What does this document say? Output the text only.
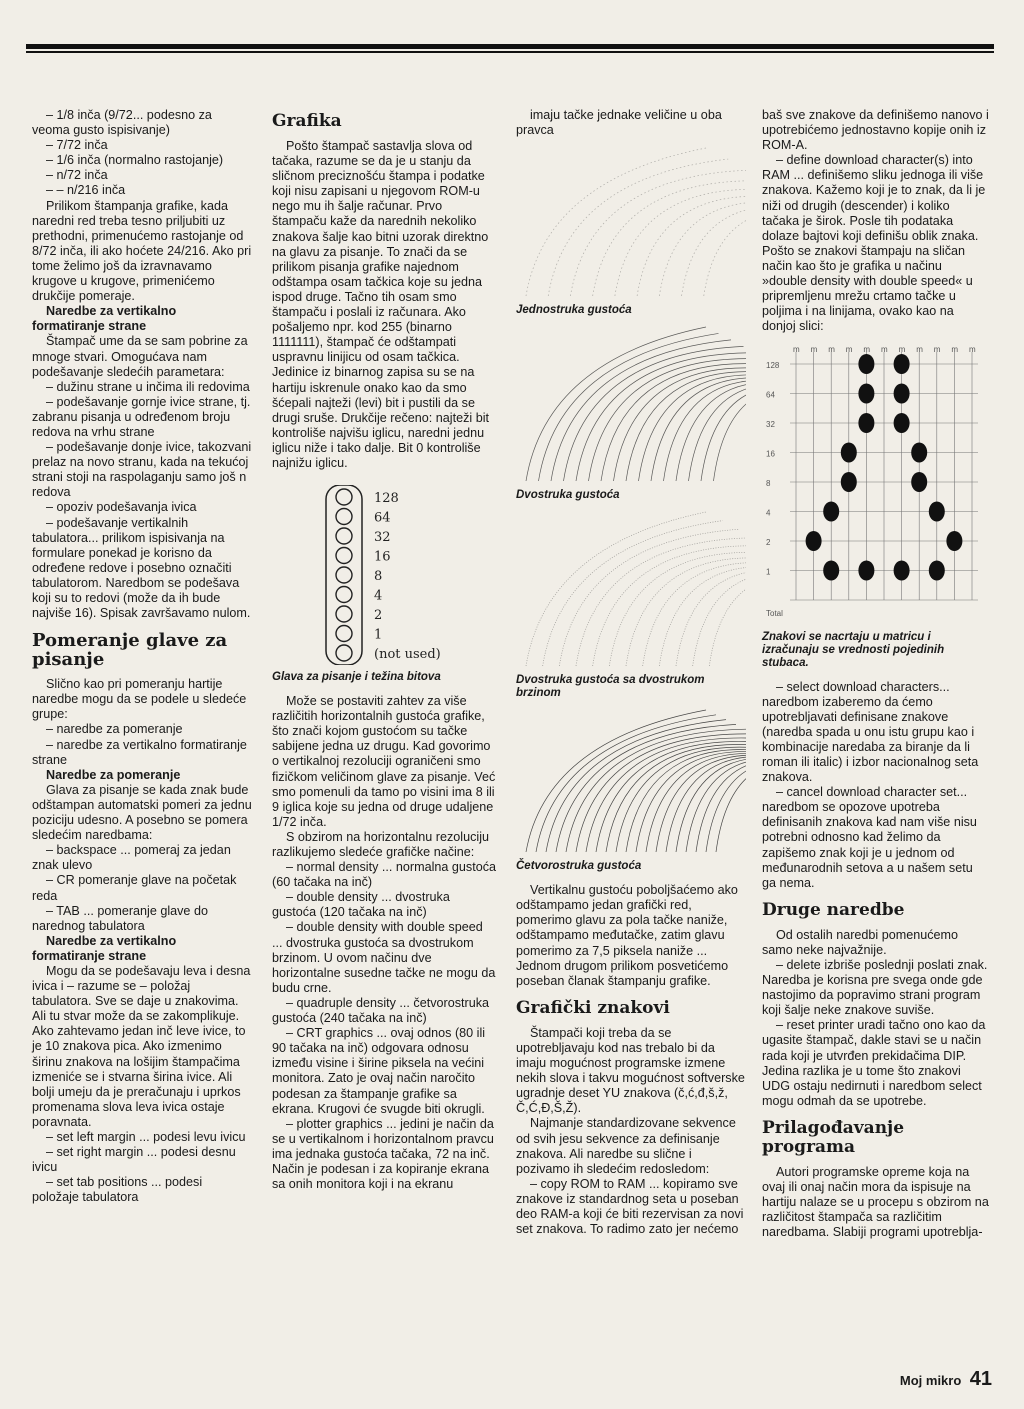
– 1/8 inča (9/72... podesno za veoma gusto ispisivanje)

– 7/72 inča

– 1/6 inča (normalno rastojanje)

– n/72 inča

– – n/216 inča

Prilikom štampanja grafike, kada naredni red treba tesno priljubiti uz prethodni, primenućemo rastojanje od 8/72 inča, ili ako hoćete 24/216. Ako pri tome želimo još da izravnavamo krugove u krugove, primenićemo drukčije pomeraje.

Naredbe za vertikalno formatiranje strane

Štampač ume da se sam pobrine za mnoge stvari. Omogućava nam podešavanje sledećih parametara:

– dužinu strane u inčima ili redovima

– podešavanje gornje ivice strane, tj. zabranu pisanja u određenom broju redova na vrhu strane

– podešavanje donje ivice, takozvani prelaz na novo stranu, kada na tekućoj strani stoji na raspolaganju samo još n redova

– opoziv podešavanja ivica

– podešavanje vertikalnih tabulatora... prilikom ispisivanja na formulare ponekad je korisno da određene redove i posebno označiti tabulatorom. Naredbom se podešava koji su to redovi (može da ih bude najviše 16). Spisak završavamo nulom.

Pomeranje glave za pisanje

Slično kao pri pomeranju hartije naredbe mogu da se podele u sledeće grupe:

– naredbe za pomeranje

– naredbe za vertikalno formatiranje strane

Naredbe za pomeranje

Glava za pisanje se kada znak bude odštampan automatski pomeri za jednu poziciju udesno. A posebno se pomera sledećim naredbama:

– backspace ... pomeraj za jedan znak ulevo

– CR pomeranje glave na početak reda

– TAB ... pomeranje glave do narednog tabulatora

Naredbe za vertikalno formatiranje strane

Mogu da se podešavaju leva i desna ivica i – razume se – položaj tabulatora. Sve se daje u znakovima. Ali tu stvar može da se zakomplikuje. Ako zahtevamo jedan inč leve ivice, to je 10 znakova pica. Ako izmenimo širinu znakova na lošijim štampačima izmeniće se i stvarna širina ivice. Ali bolji umeju da je preračunaju i uprkos promenama slova leva ivica ostaje poravnata.

– set left margin ... podesi levu ivicu

– set right margin ... podesi desnu ivicu

– set tab positions ... podesi položaje tabulatora

Grafika

Pošto štampač sastavlja slova od tačaka, razume se da je u stanju da sličnom preciznošću štampa i podatke koji nisu zapisani u njegovom ROM-u nego mu ih šalje računar. Prvo štampaču kaže da narednih nekoliko znakova šalje kao bitni uzorak direktno na glavu za pisanje. To znači da se prilikom pisanja grafike najednom odštampa osam tačkica koje su jedna ispod druge. Tačno tih osam smo štampaču i poslali iz računara. Ako pošaljemo npr. kod 255 (binarno 1111111), štampač će odštampati uspravnu linijicu od osam tačkica. Jedinice iz binarnog zapisa su se na hartiju iskrenule onako kao da smo šćepali najteži (levi) bit i pustili da se drugi sruše. Drukčije rečeno: najteži bit kontroliše najvišu iglicu, naredni jednu iglicu niže i tako dalje. Bit 0 kontroliše najnižu iglicu.

128
64
32
16
8
4
2
1
(not used)
Glava za pisanje i težina bitova

Može se postaviti zahtev za više različitih horizontalnih gustoća grafike, što znači kojom gustoćom su tačke sabijene jedna uz drugu. Kad govorimo o vertikalnoj rezoluciji ograničeni smo fizičkom veličinom glave za pisanje. Već smo pomenuli da tamo po visini ima 8 ili 9 iglica koje su jedna od druge udaljene 1/72 inča.

S obzirom na horizontalnu rezoluciju razlikujemo sledeće grafičke načine:

– normal density ... normalna gustoća (60 tačaka na inč)

– double density ... dvostruka gustoća (120 tačaka na inč)

– double density with double speed ... dvostruka gustoća sa dvostrukom brzinom. U ovom načinu dve horizontalne susedne tačke ne mogu da budu crne.

– quadruple density ... četvorostruka gustoća (240 tačaka na inč)

– CRT graphics ... ovaj odnos (80 ili 90 tačaka na inč) odgovara odnosu između visine i širine piksela na većini monitora. Zato je ovaj način naročito podesan za štampanje grafike sa ekrana. Krugovi će svugde biti okrugli.

– plotter graphics ... jedini je način da se u vertikalnom i horizontalnom pravcu ima jednaka gustoća tačaka, 72 na inč. Način je podesan i za kopiranje ekrana sa onih monitora koji i na ekranu

imaju tačke jednake veličine u oba pravca

Jednostruka gustoća
Dvostruka gustoća
Dvostruka gustoća sa dvostrukom brzinom
Četvorostruka gustoća

Vertikalnu gustoću poboljšaćemo ako odštampamo jedan grafički red, pomerimo glavu za pola tačke naniže, odštampamo međutačke, zatim glavu pomerimo za 7,5 piksela naniže ... Jednom drugom prilikom posvetićemo poseban članak štampanju grafike.

Grafički znakovi

Štampači koji treba da se upotrebljavaju kod nas trebalo bi da imaju mogućnost programske izmene nekih slova i takvu mogućnost softverske ugradnje deset YU znakova (č,ć,đ,š,ž, Č,Ć,Đ,Š,Ž).

Najmanje standardizovane sekvence od svih jesu sekvence za definisanje znakova. Ali naredbe su slične i pozivamo ih sledećim redosledom:

– copy ROM to RAM ... kopiramo sve znakove iz standardnog seta u poseban deo RAM-a koji će biti rezervisan za novi set znakova. To radimo zato jer nećemo

baš sve znakove da definišemo nanovo i upotrebićemo jednostavno kopije onih iz ROM-A.

– define download character(s) into RAM ... definišemo sliku jednoga ili više znakova. Kažemo koji je to znak, da li je niži od drugih (descender) i koliko tačaka je širok. Posle tih podataka dolaze bajtovi koji definišu oblik znaka. Pošto se znakovi štampaju na sličan način kao što je grafika u načinu »double density with double speed« u pripremljenu mrežu crtamo tačke u poljima i na linijama, ovako kao na donjoj slici:

m m m m m m m m m m m
128
64
32
16
8
4
2
1
Total
Znakovi se nacrtaju u matricu i izračunaju se vrednosti pojedinih stubaca.

– select download characters... naredbom izaberemo da ćemo upotrebljavati definisane znakove (naredba spada u onu istu grupu kao i kombinacije naredaba za biranje da li roman ili italic) i izbor nacionalnog seta znakova.

– cancel download character set... naredbom se opozove upotreba definisanih znakova kad nam više nisu potrebni odnosno kad želimo da zapišemo znak koji je u jednom od međunarodnih setova a u našem setu ga nema.

Druge naredbe

Od ostalih naredbi pomenućemo samo neke najvažnije.

– delete izbriše poslednji poslati znak. Naredba je korisna pre svega onde gde nastojimo da popravimo strani program koji šalje neke znakove suviše.

– reset printer uradi tačno ono kao da ugasite štampač, dakle stavi se u način rada koji je utvrđen prekidačima DIP. Jedina razlika je u tome što znakovi UDG ostaju nedirnuti i naredbom select mogu odmah da se upotrebe.

Prilagođavanje programa

Autori programske opreme koja na ovaj ili onaj način mora da ispisuje na hartiju nalaze se u procepu s obzirom na različitost štampača sa različitim naredbama. Slabiji programi upotrebljа-

Moj mikro 41
